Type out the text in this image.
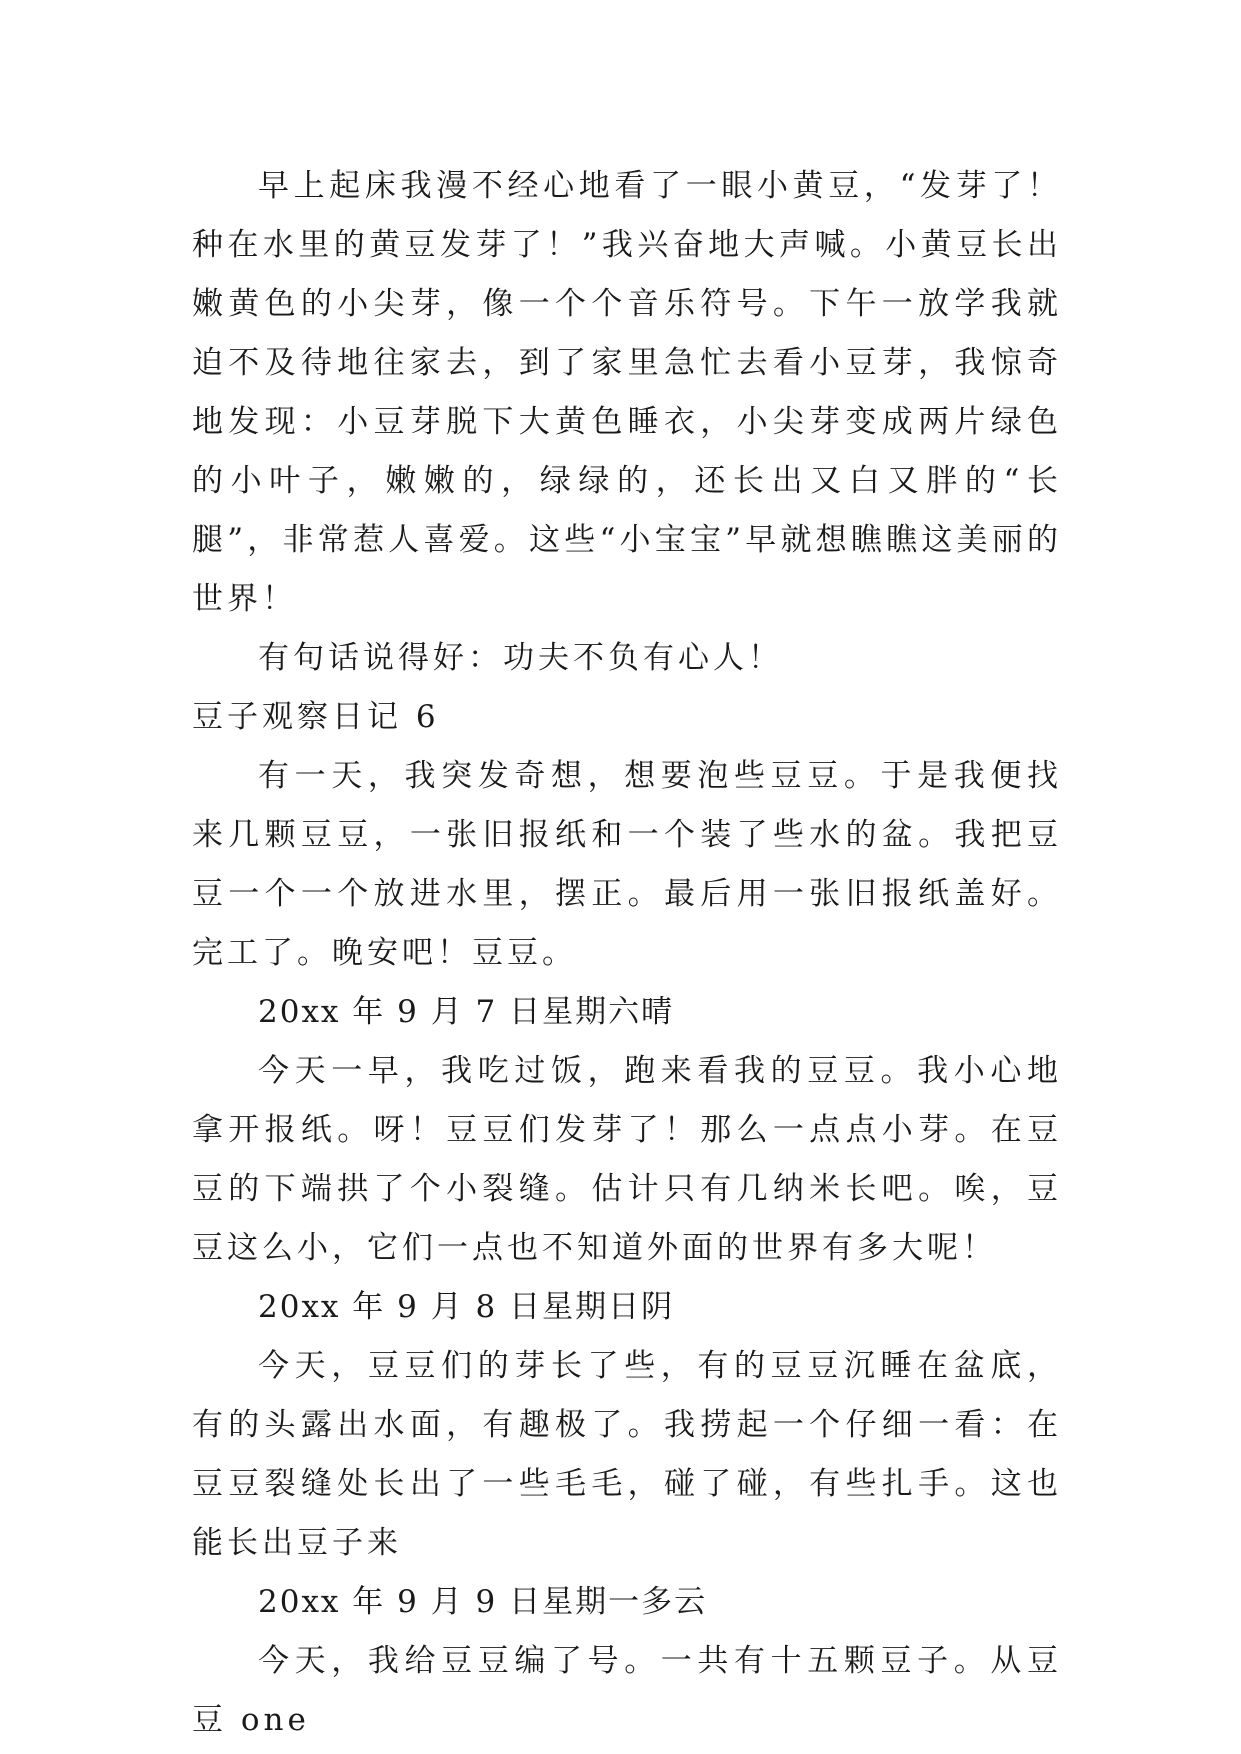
早上起床我漫不经心地看了一眼小黄豆，“发芽了！种在水里的黄豆发芽了！”我兴奋地大声喊。小黄豆长出嫩黄色的小尖芽，像一个个音乐符号。下午一放学我就迫不及待地往家去，到了家里急忙去看小豆芽，我惊奇地发现：小豆芽脱下大黄色睡衣，小尖芽变成两片绿色的小叶子，嫩嫩的，绿绿的，还长出又白又胖的“长腿”，非常惹人喜爱。这些“小宝宝”早就想瞧瞧这美丽的世界！

有句话说得好：功夫不负有心人！

豆子观察日记 6

有一天，我突发奇想，想要泡些豆豆。于是我便找来几颗豆豆，一张旧报纸和一个装了些水的盆。我把豆豆一个一个放进水里，摆正。最后用一张旧报纸盖好。完工了。晚安吧！豆豆。

20xx 年 9 月 7 日星期六晴

今天一早，我吃过饭，跑来看我的豆豆。我小心地拿开报纸。呀！豆豆们发芽了！那么一点点小芽。在豆豆的下端拱了个小裂缝。估计只有几纳米长吧。唉，豆豆这么小，它们一点也不知道外面的世界有多大呢！

20xx 年 9 月 8 日星期日阴

今天，豆豆们的芽长了些，有的豆豆沉睡在盆底，有的头露出水面，有趣极了。我捞起一个仔细一看：在豆豆裂缝处长出了一些毛毛，碰了碰，有些扎手。这也能长出豆子来

20xx 年 9 月 9 日星期一多云

今天，我给豆豆编了号。一共有十五颗豆子。从豆豆 one
